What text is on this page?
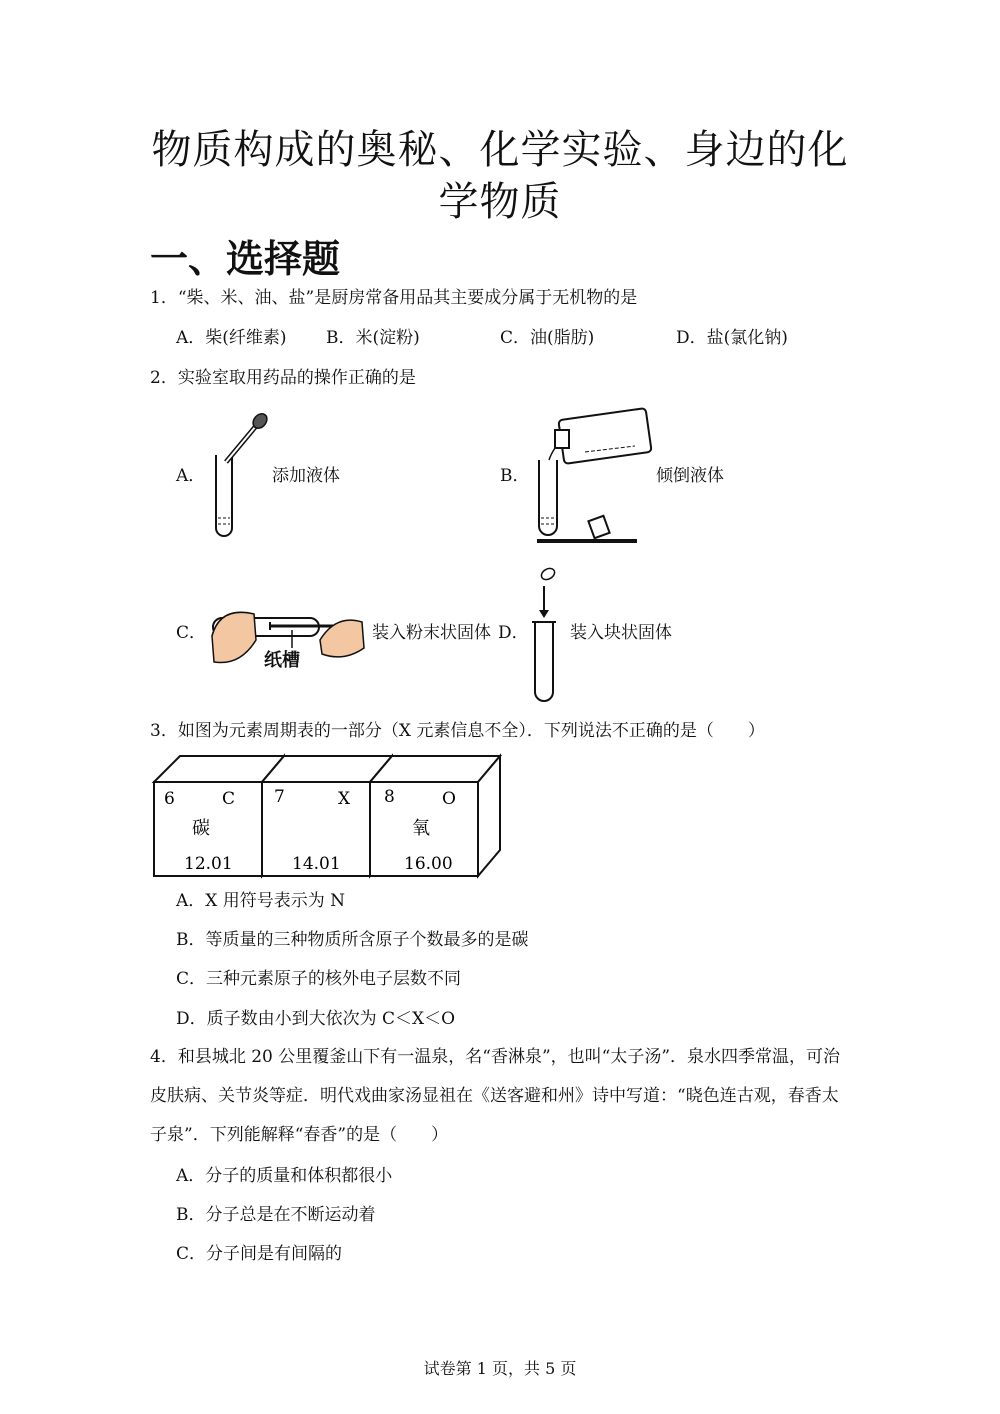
物质构成的奥秘、化学实验、身边的化
学物质
一、选择题
1．“柴、米、油、盐”是厨房常备用品其主要成分属于无机物的是
A．柴(纤维素) B．米(淀粉)	C．油(脂肪)	D．盐(氯化钠)
2．实验室取用药品的操作正确的是
A．	添加液体	B．	倾倒液体
C．	装入粉末状固体 D． 装入块状固体
纸槽
3．如图为元素周期表的一部分（X 元素信息不全）．下列说法不正确的是（　　）
6	C
碳
12.01
7	X
14.01
8	O
氧
16.00
A．X 用符号表示为 N
B．等质量的三种物质所含原子个数最多的是碳
C．三种元素原子的核外电子层数不同
D．质子数由小到大依次为 C＜X＜O
4．和县城北 20 公里覆釜山下有一温泉，名“香淋泉”，也叫“太子汤”．泉水四季常温，可治皮肤病、关节炎等症．明代戏曲家汤显祖在《送客避和州》诗中写道：“晓色连古观，春香太子泉”．下列能解释“春香”的是（　　）
A．分子的质量和体积都很小
B．分子总是在不断运动着
C．分子间是有间隔的
试卷第 1 页，共 5 页
